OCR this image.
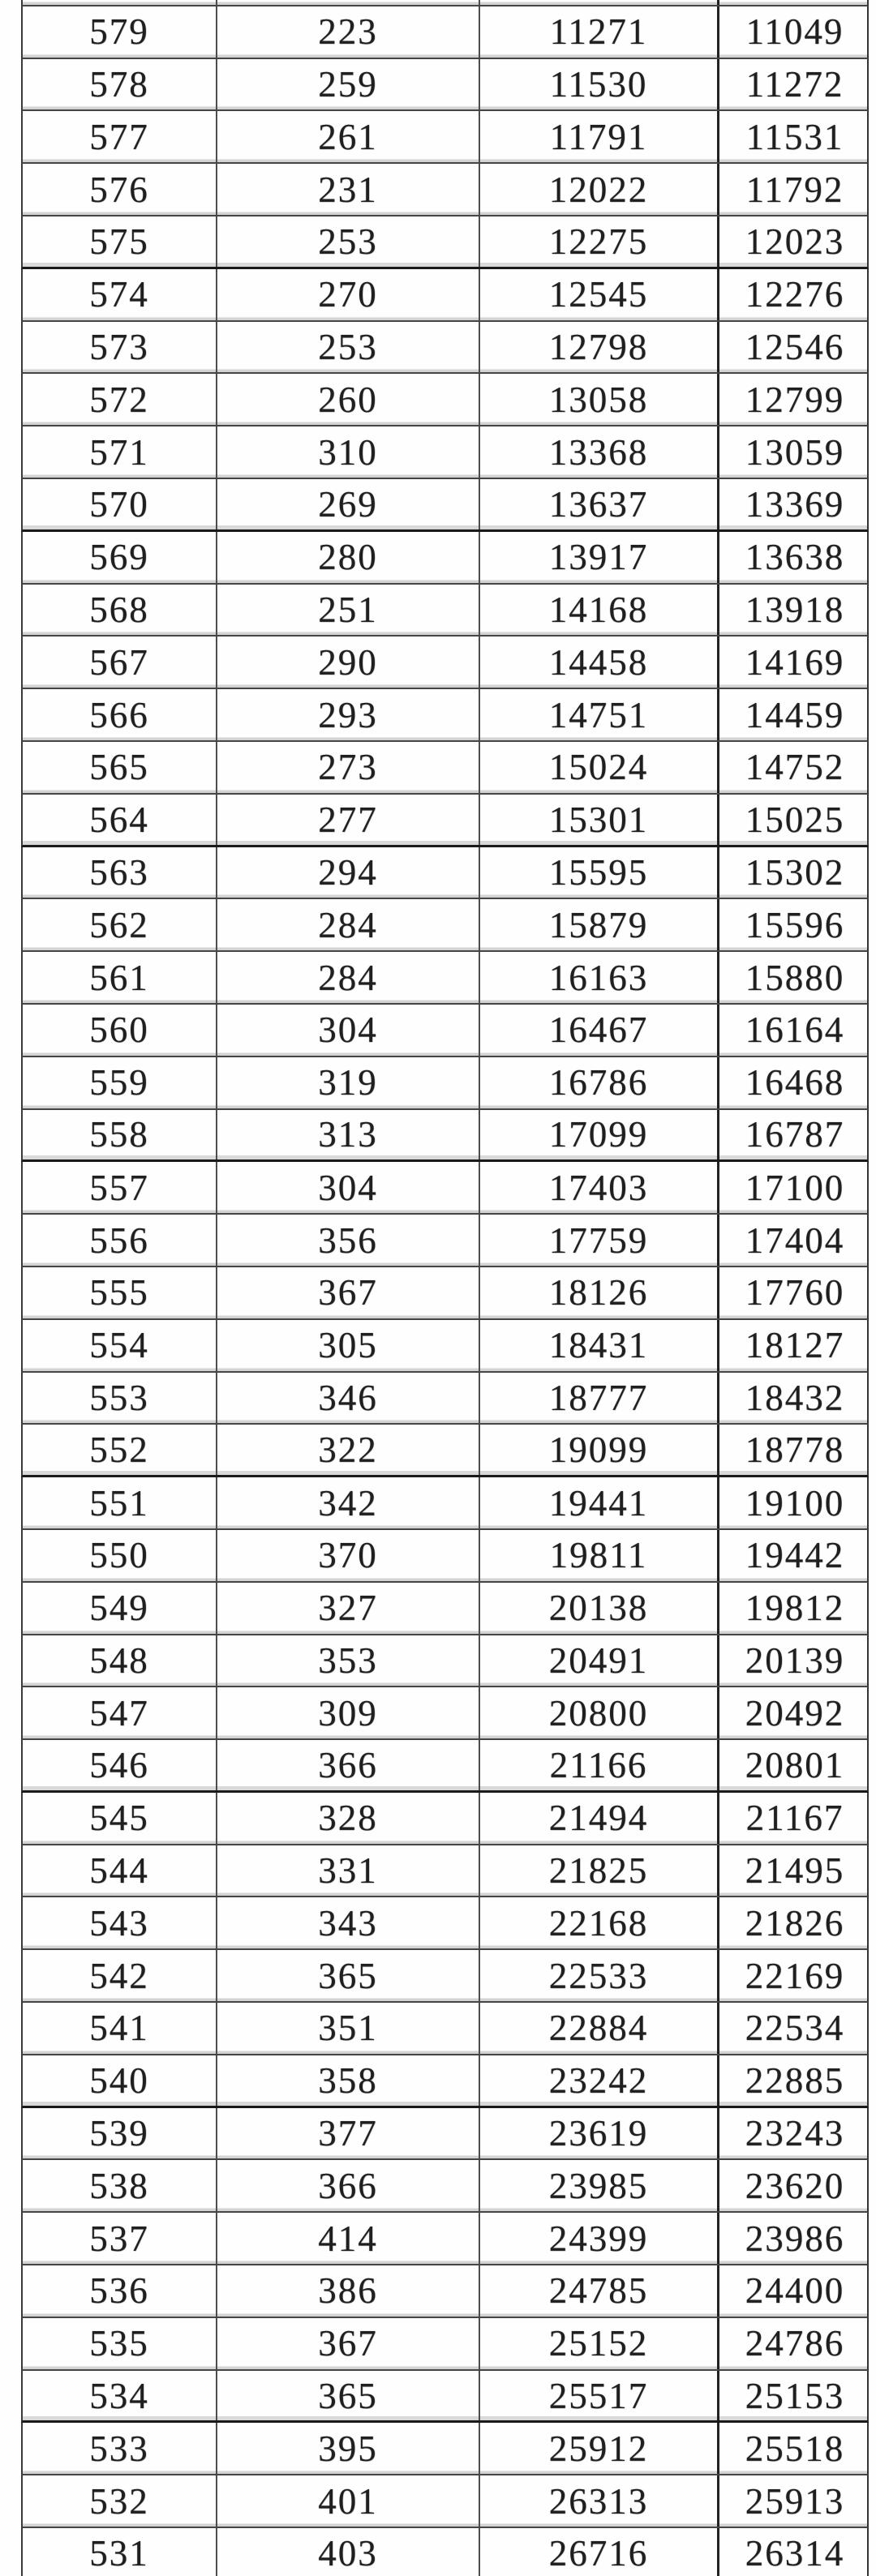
579	223	11271	11049
578	259	11530	11272
577	261	11791	11531
576	231	12022	11792
575	253	12275	12023
574	270	12545	12276
573	253	12798	12546
572	260	13058	12799
571	310	13368	13059
570	269	13637	13369
569	280	13917	13638
568	251	14168	13918
567	290	14458	14169
566	293	14751	14459
565	273	15024	14752
564	277	15301	15025
563	294	15595	15302
562	284	15879	15596
561	284	16163	15880
560	304	16467	16164
559	319	16786	16468
558	313	17099	16787
557	304	17403	17100
556	356	17759	17404
555	367	18126	17760
554	305	18431	18127
553	346	18777	18432
552	322	19099	18778
551	342	19441	19100
550	370	19811	19442
549	327	20138	19812
548	353	20491	20139
547	309	20800	20492
546	366	21166	20801
545	328	21494	21167
544	331	21825	21495
543	343	22168	21826
542	365	22533	22169
541	351	22884	22534
540	358	23242	22885
539	377	23619	23243
538	366	23985	23620
537	414	24399	23986
536	386	24785	24400
535	367	25152	24786
534	365	25517	25153
533	395	25912	25518
532	401	26313	25913
531	403	26716	26314
